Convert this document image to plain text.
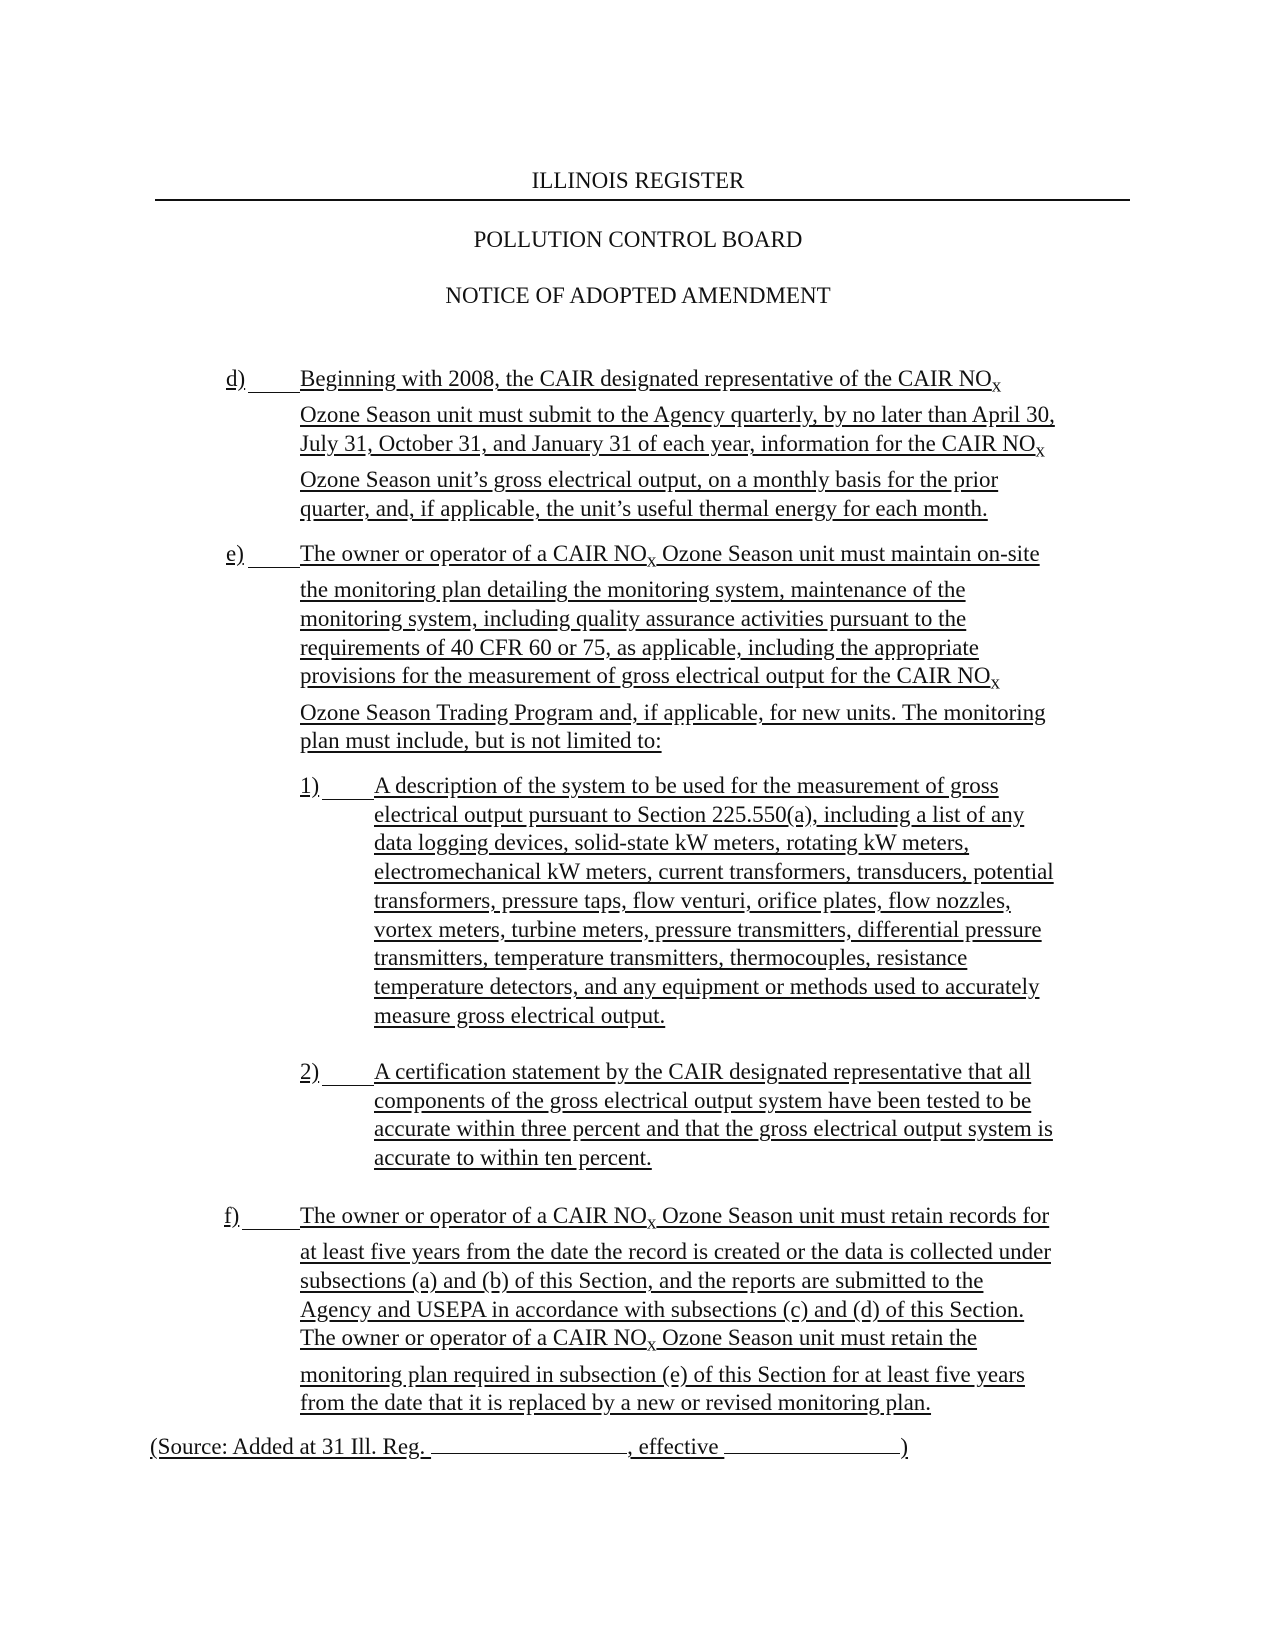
ILLINOIS REGISTER
POLLUTION CONTROL BOARD
NOTICE OF ADOPTED AMENDMENT
d) Beginning with 2008, the CAIR designated representative of the CAIR $NO_x$
Ozone Season unit must submit to the Agency quarterly, by no later than April 30,
July 31, October 31, and January 31 of each year, information for the CAIR $NO_x$
Ozone Season unit’s gross electrical output, on a monthly basis for the prior
quarter, and, if applicable, the unit’s useful thermal energy for each month.
e) The owner or operator of a CAIR $NO_x$ Ozone Season unit must maintain on-site
the monitoring plan detailing the monitoring system, maintenance of the
monitoring system, including quality assurance activities pursuant to the
requirements of 40 CFR 60 or 75, as applicable, including the appropriate
provisions for the measurement of gross electrical output for the CAIR $NO_x$
Ozone Season Trading Program and, if applicable, for new units. The monitoring
plan must include, but is not limited to:
1) A description of the system to be used for the measurement of gross
electrical output pursuant to Section 225.550(a), including a list of any
data logging devices, solid-state kW meters, rotating kW meters,
electromechanical kW meters, current transformers, transducers, potential
transformers, pressure taps, flow venturi, orifice plates, flow nozzles,
vortex meters, turbine meters, pressure transmitters, differential pressure
transmitters, temperature transmitters, thermocouples, resistance
temperature detectors, and any equipment or methods used to accurately
measure gross electrical output.
2) A certification statement by the CAIR designated representative that all
components of the gross electrical output system have been tested to be
accurate within three percent and that the gross electrical output system is
accurate to within ten percent.
f)	The owner or operator of a CAIR $NO_x$ Ozone Season unit must retain records for
at least five years from the date the record is created or the data is collected under
subsections (a) and (b) of this Section, and the reports are submitted to the
Agency and USEPA in accordance with subsections (c) and (d) of this Section.
The owner or operator of a CAIR $NO_x$ Ozone Season unit must retain the
monitoring plan required in subsection (e) of this Section for at least five years
from the date that it is replaced by a new or revised monitoring plan.
(Source: Added at 31 Ill. Reg.	, effective	)
